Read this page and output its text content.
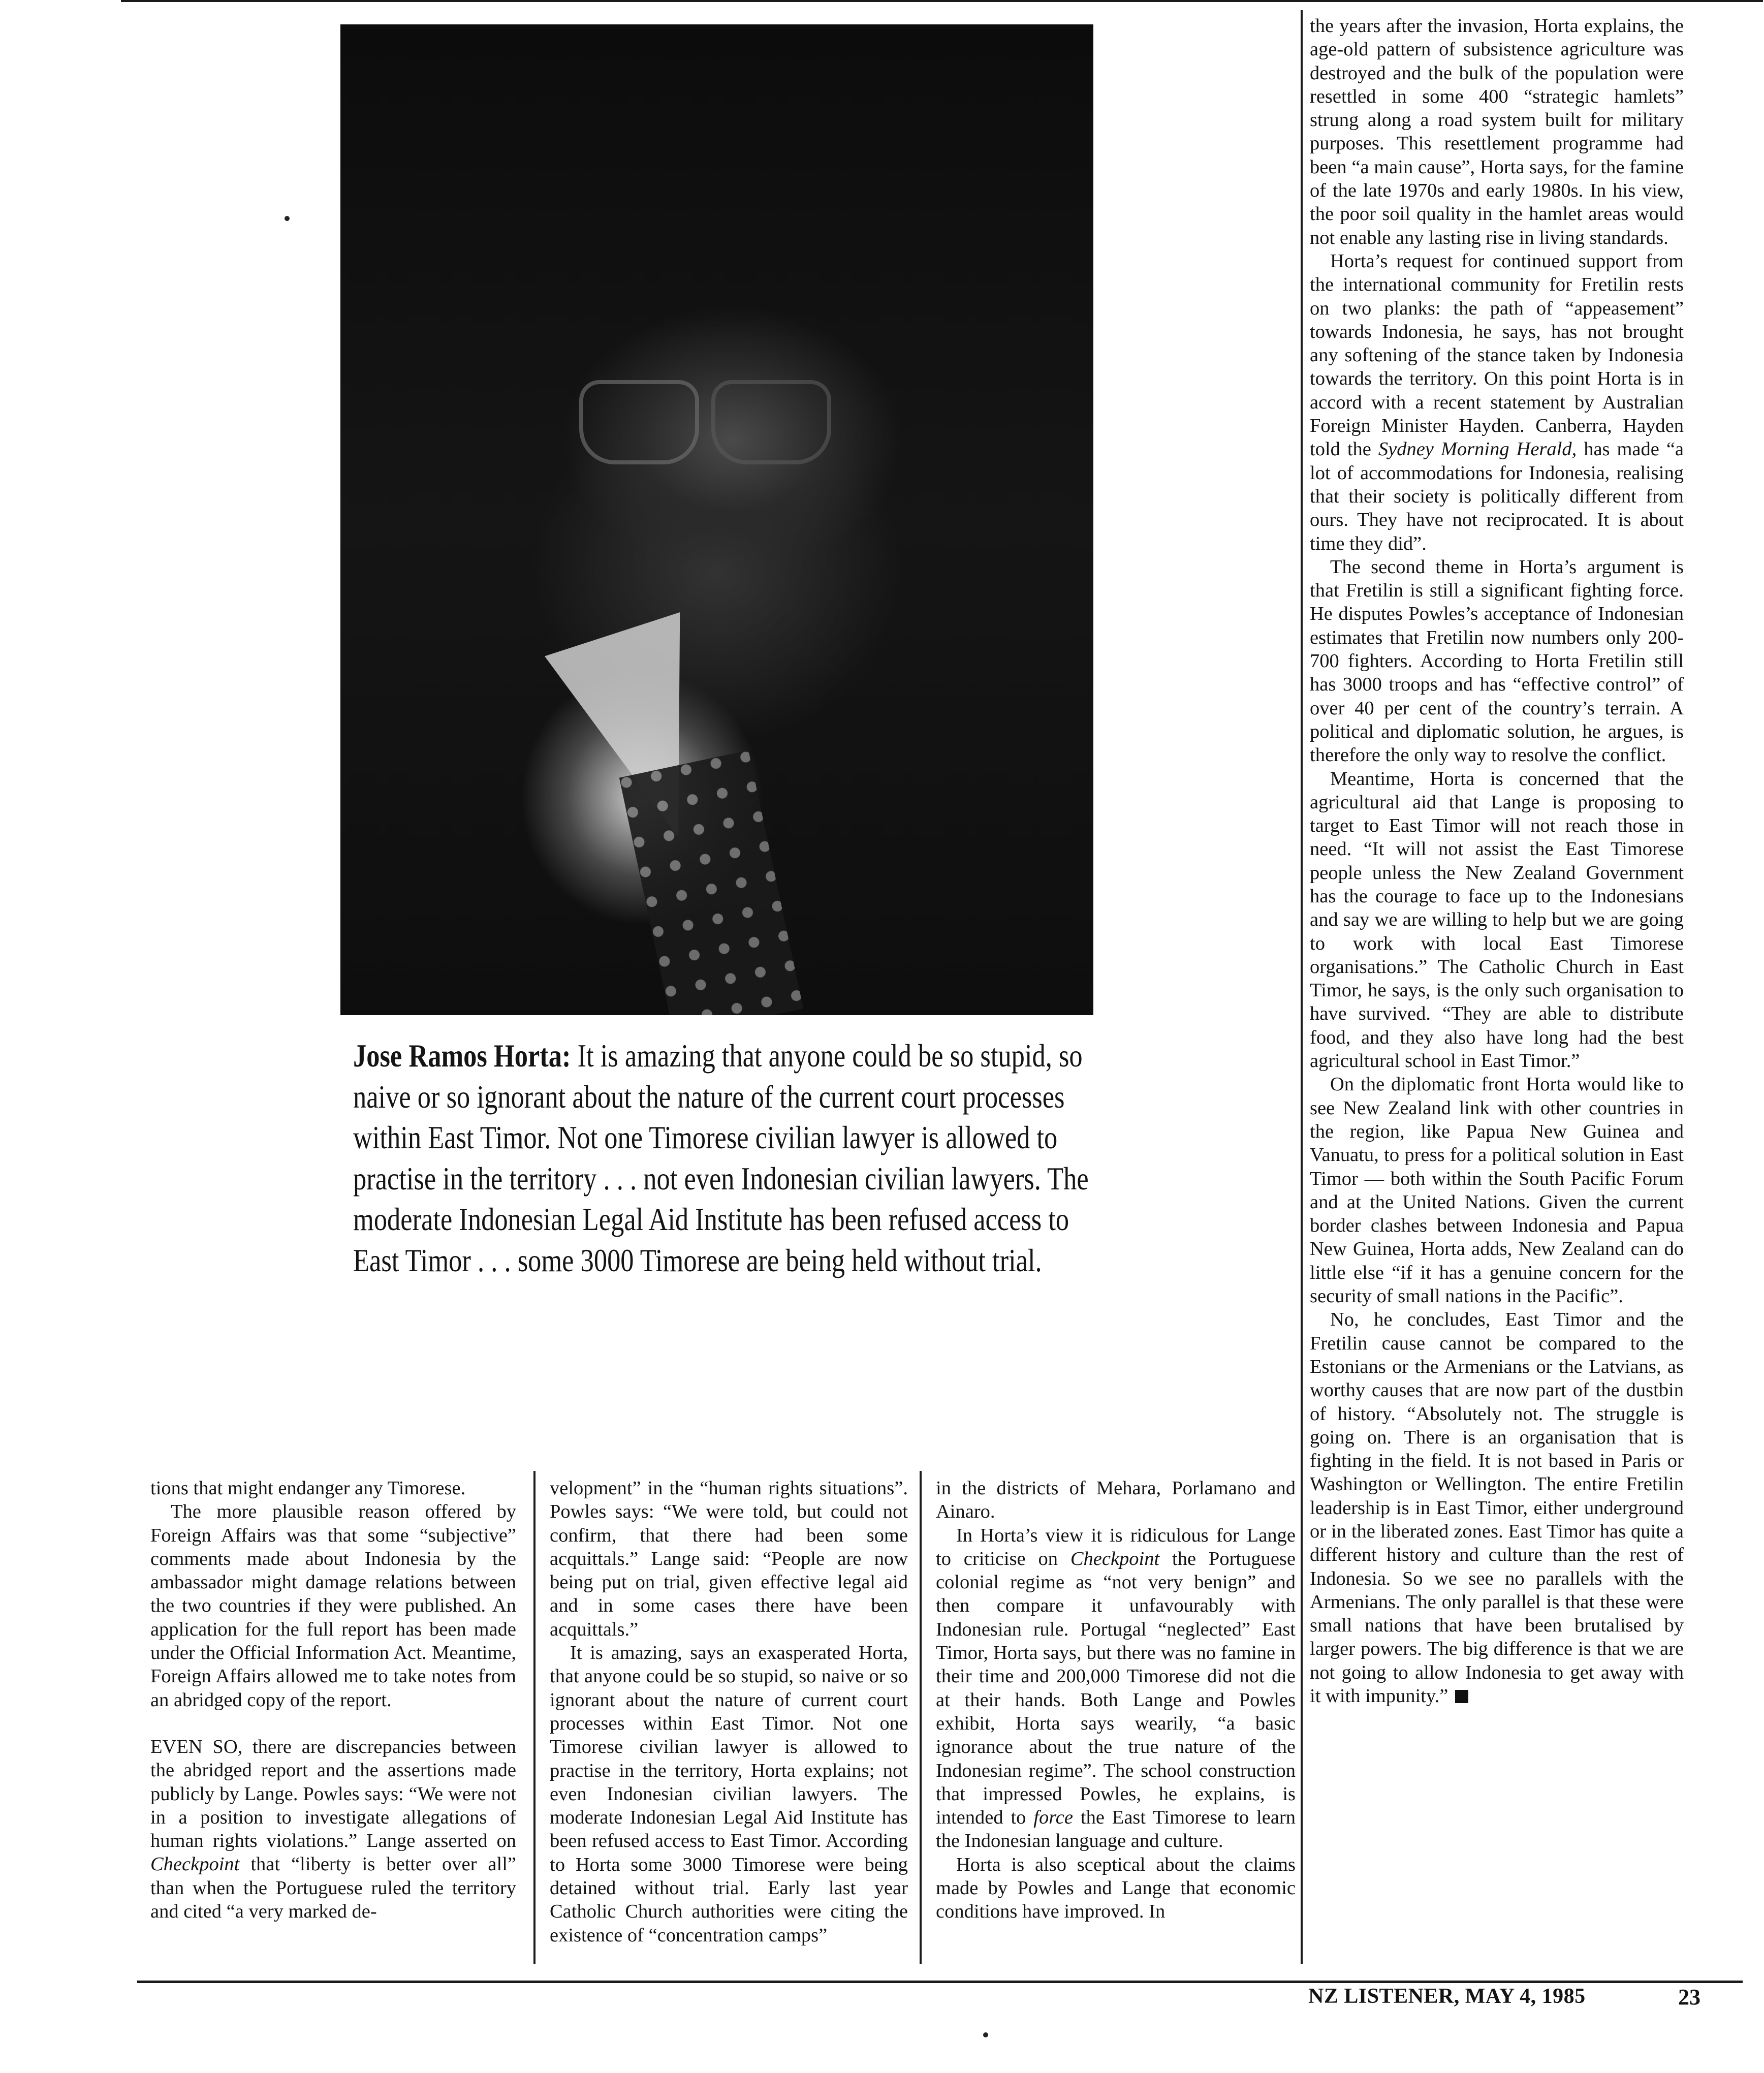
Jose Ramos Horta: It is amazing that anyone could be so stupid, so naive or so ignorant about the nature of the current court processes within East Timor. Not one Timorese civilian lawyer is allowed to practise in the territory . . . not even Indonesian civilian lawyers. The moderate Indonesian Legal Aid Institute has been refused access to East Timor . . . some 3000 Timorese are being held without trial.

tions that might endanger any Timorese.

The more plausible reason offered by Foreign Affairs was that some “subjective” comments made about Indonesia by the ambassador might damage relations between the two countries if they were published. An application for the full report has been made under the Official Information Act. Meantime, Foreign Affairs allowed me to take notes from an abridged copy of the report.

EVEN SO, there are discrepancies between the abridged report and the assertions made publicly by Lange. Powles says: “We were not in a position to investigate allegations of human rights violations.” Lange asserted on Checkpoint that “liberty is better over all” than when the Portuguese ruled the territory and cited “a very marked de-

velopment” in the “human rights situations”. Powles says: “We were told, but could not confirm, that there had been some acquittals.” Lange said: “People are now being put on trial, given effective legal aid and in some cases there have been acquittals.”

It is amazing, says an exasperated Horta, that anyone could be so stupid, so naive or so ignorant about the nature of current court processes within East Timor. Not one Timorese civilian lawyer is allowed to practise in the territory, Horta explains; not even Indonesian civilian lawyers. The moderate Indonesian Legal Aid Institute has been refused access to East Timor. According to Horta some 3000 Timorese were being detained without trial. Early last year Catholic Church authorities were citing the existence of “concentration camps”

in the districts of Mehara, Porlamano and Ainaro.

In Horta’s view it is ridiculous for Lange to criticise on Checkpoint the Portuguese colonial regime as “not very benign” and then compare it unfavourably with Indonesian rule. Portugal “neglected” East Timor, Horta says, but there was no famine in their time and 200,000 Timorese did not die at their hands. Both Lange and Powles exhibit, Horta says wearily, “a basic ignorance about the true nature of the Indonesian regime”. The school construction that impressed Powles, he explains, is intended to force the East Timorese to learn the Indonesian language and culture.

Horta is also sceptical about the claims made by Powles and Lange that economic conditions have improved. In

the years after the invasion, Horta explains, the age-old pattern of subsistence agriculture was destroyed and the bulk of the population were resettled in some 400 “strategic hamlets” strung along a road system built for military purposes. This resettlement programme had been “a main cause”, Horta says, for the famine of the late 1970s and early 1980s. In his view, the poor soil quality in the hamlet areas would not enable any lasting rise in living standards.

Horta’s request for continued support from the international community for Fretilin rests on two planks: the path of “appeasement” towards Indonesia, he says, has not brought any softening of the stance taken by Indonesia towards the territory. On this point Horta is in accord with a recent statement by Australian Foreign Minister Hayden. Canberra, Hayden told the Sydney Morning Herald, has made “a lot of accommodations for Indonesia, realising that their society is politically different from ours. They have not reciprocated. It is about time they did”.

The second theme in Horta’s argument is that Fretilin is still a significant fighting force. He disputes Powles’s acceptance of Indonesian estimates that Fretilin now numbers only 200-700 fighters. According to Horta Fretilin still has 3000 troops and has “effective control” of over 40 per cent of the country’s terrain. A political and diplomatic solution, he argues, is therefore the only way to resolve the conflict.

Meantime, Horta is concerned that the agricultural aid that Lange is proposing to target to East Timor will not reach those in need. “It will not assist the East Timorese people unless the New Zealand Government has the courage to face up to the Indonesians and say we are willing to help but we are going to work with local East Timorese organisations.” The Catholic Church in East Timor, he says, is the only such organisation to have survived. “They are able to distribute food, and they also have long had the best agricultural school in East Timor.”

On the diplomatic front Horta would like to see New Zealand link with other countries in the region, like Papua New Guinea and Vanuatu, to press for a political solution in East Timor — both within the South Pacific Forum and at the United Nations. Given the current border clashes between Indonesia and Papua New Guinea, Horta adds, New Zealand can do little else “if it has a genuine concern for the security of small nations in the Pacific”.

No, he concludes, East Timor and the Fretilin cause cannot be compared to the Estonians or the Armenians or the Latvians, as worthy causes that are now part of the dustbin of history. “Absolutely not. The struggle is going on. There is an organisation that is fighting in the field. It is not based in Paris or Washington or Wellington. The entire Fretilin leadership is in East Timor, either underground or in the liberated zones. East Timor has quite a different history and culture than the rest of Indonesia. So we see no parallels with the Armenians. The only parallel is that these were small nations that have been brutalised by larger powers. The big difference is that we are not going to allow Indonesia to get away with it with impunity.”

NZ LISTENER, MAY 4, 1985	23
